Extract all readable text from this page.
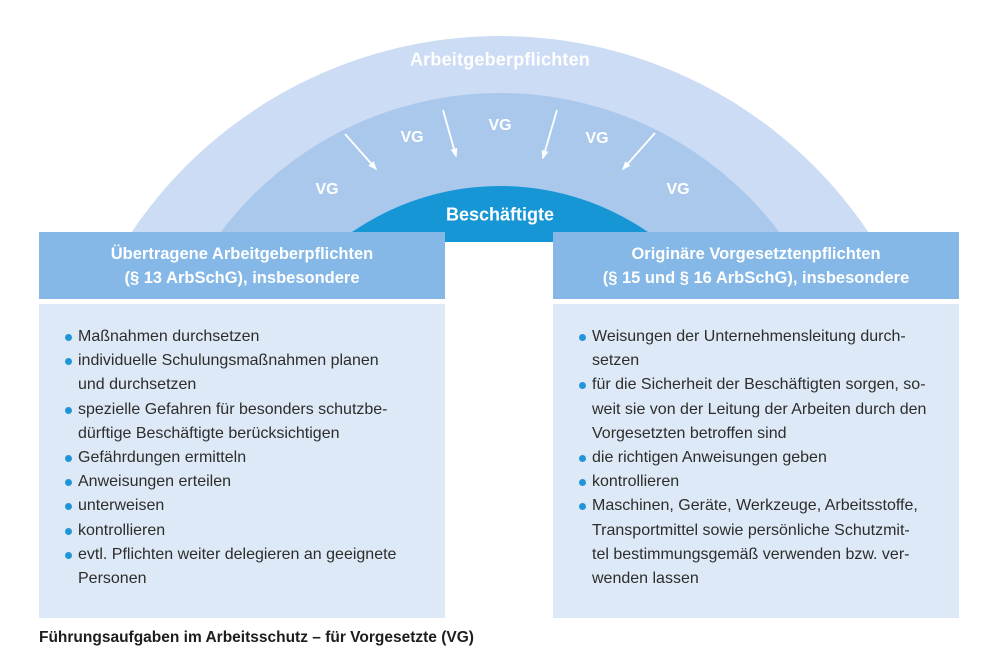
Arbeitgeberpflichten
VG
VG
VG
VG
VG
Beschäftigte
Übertragene Arbeitgeberpflichten
(§ 13 ArbSchG), insbesondere
Maßnahmen durchsetzen
individuelle Schulungsmaßnahmen planen
und durchsetzen
spezielle Gefahren für besonders schutzbe-
dürftige Beschäftigte berücksichtigen
Gefährdungen ermitteln
Anweisungen erteilen
unterweisen
kontrollieren
evtl. Pflichten weiter delegieren an geeignete
Personen
Originäre Vorgesetztenpflichten
(§ 15 und § 16 ArbSchG), insbesondere
Weisungen der Unternehmensleitung durch-
setzen
für die Sicherheit der Beschäftigten sorgen, so-
weit sie von der Leitung der Arbeiten durch den
Vorgesetzten betroffen sind
die richtigen Anweisungen geben
kontrollieren
Maschinen, Geräte, Werkzeuge, Arbeitsstoffe,
Transportmittel sowie persönliche Schutzmit-
tel bestimmungsgemäß verwenden bzw. ver-
wenden lassen
Führungsaufgaben im Arbeitsschutz – für Vorgesetzte (VG)
